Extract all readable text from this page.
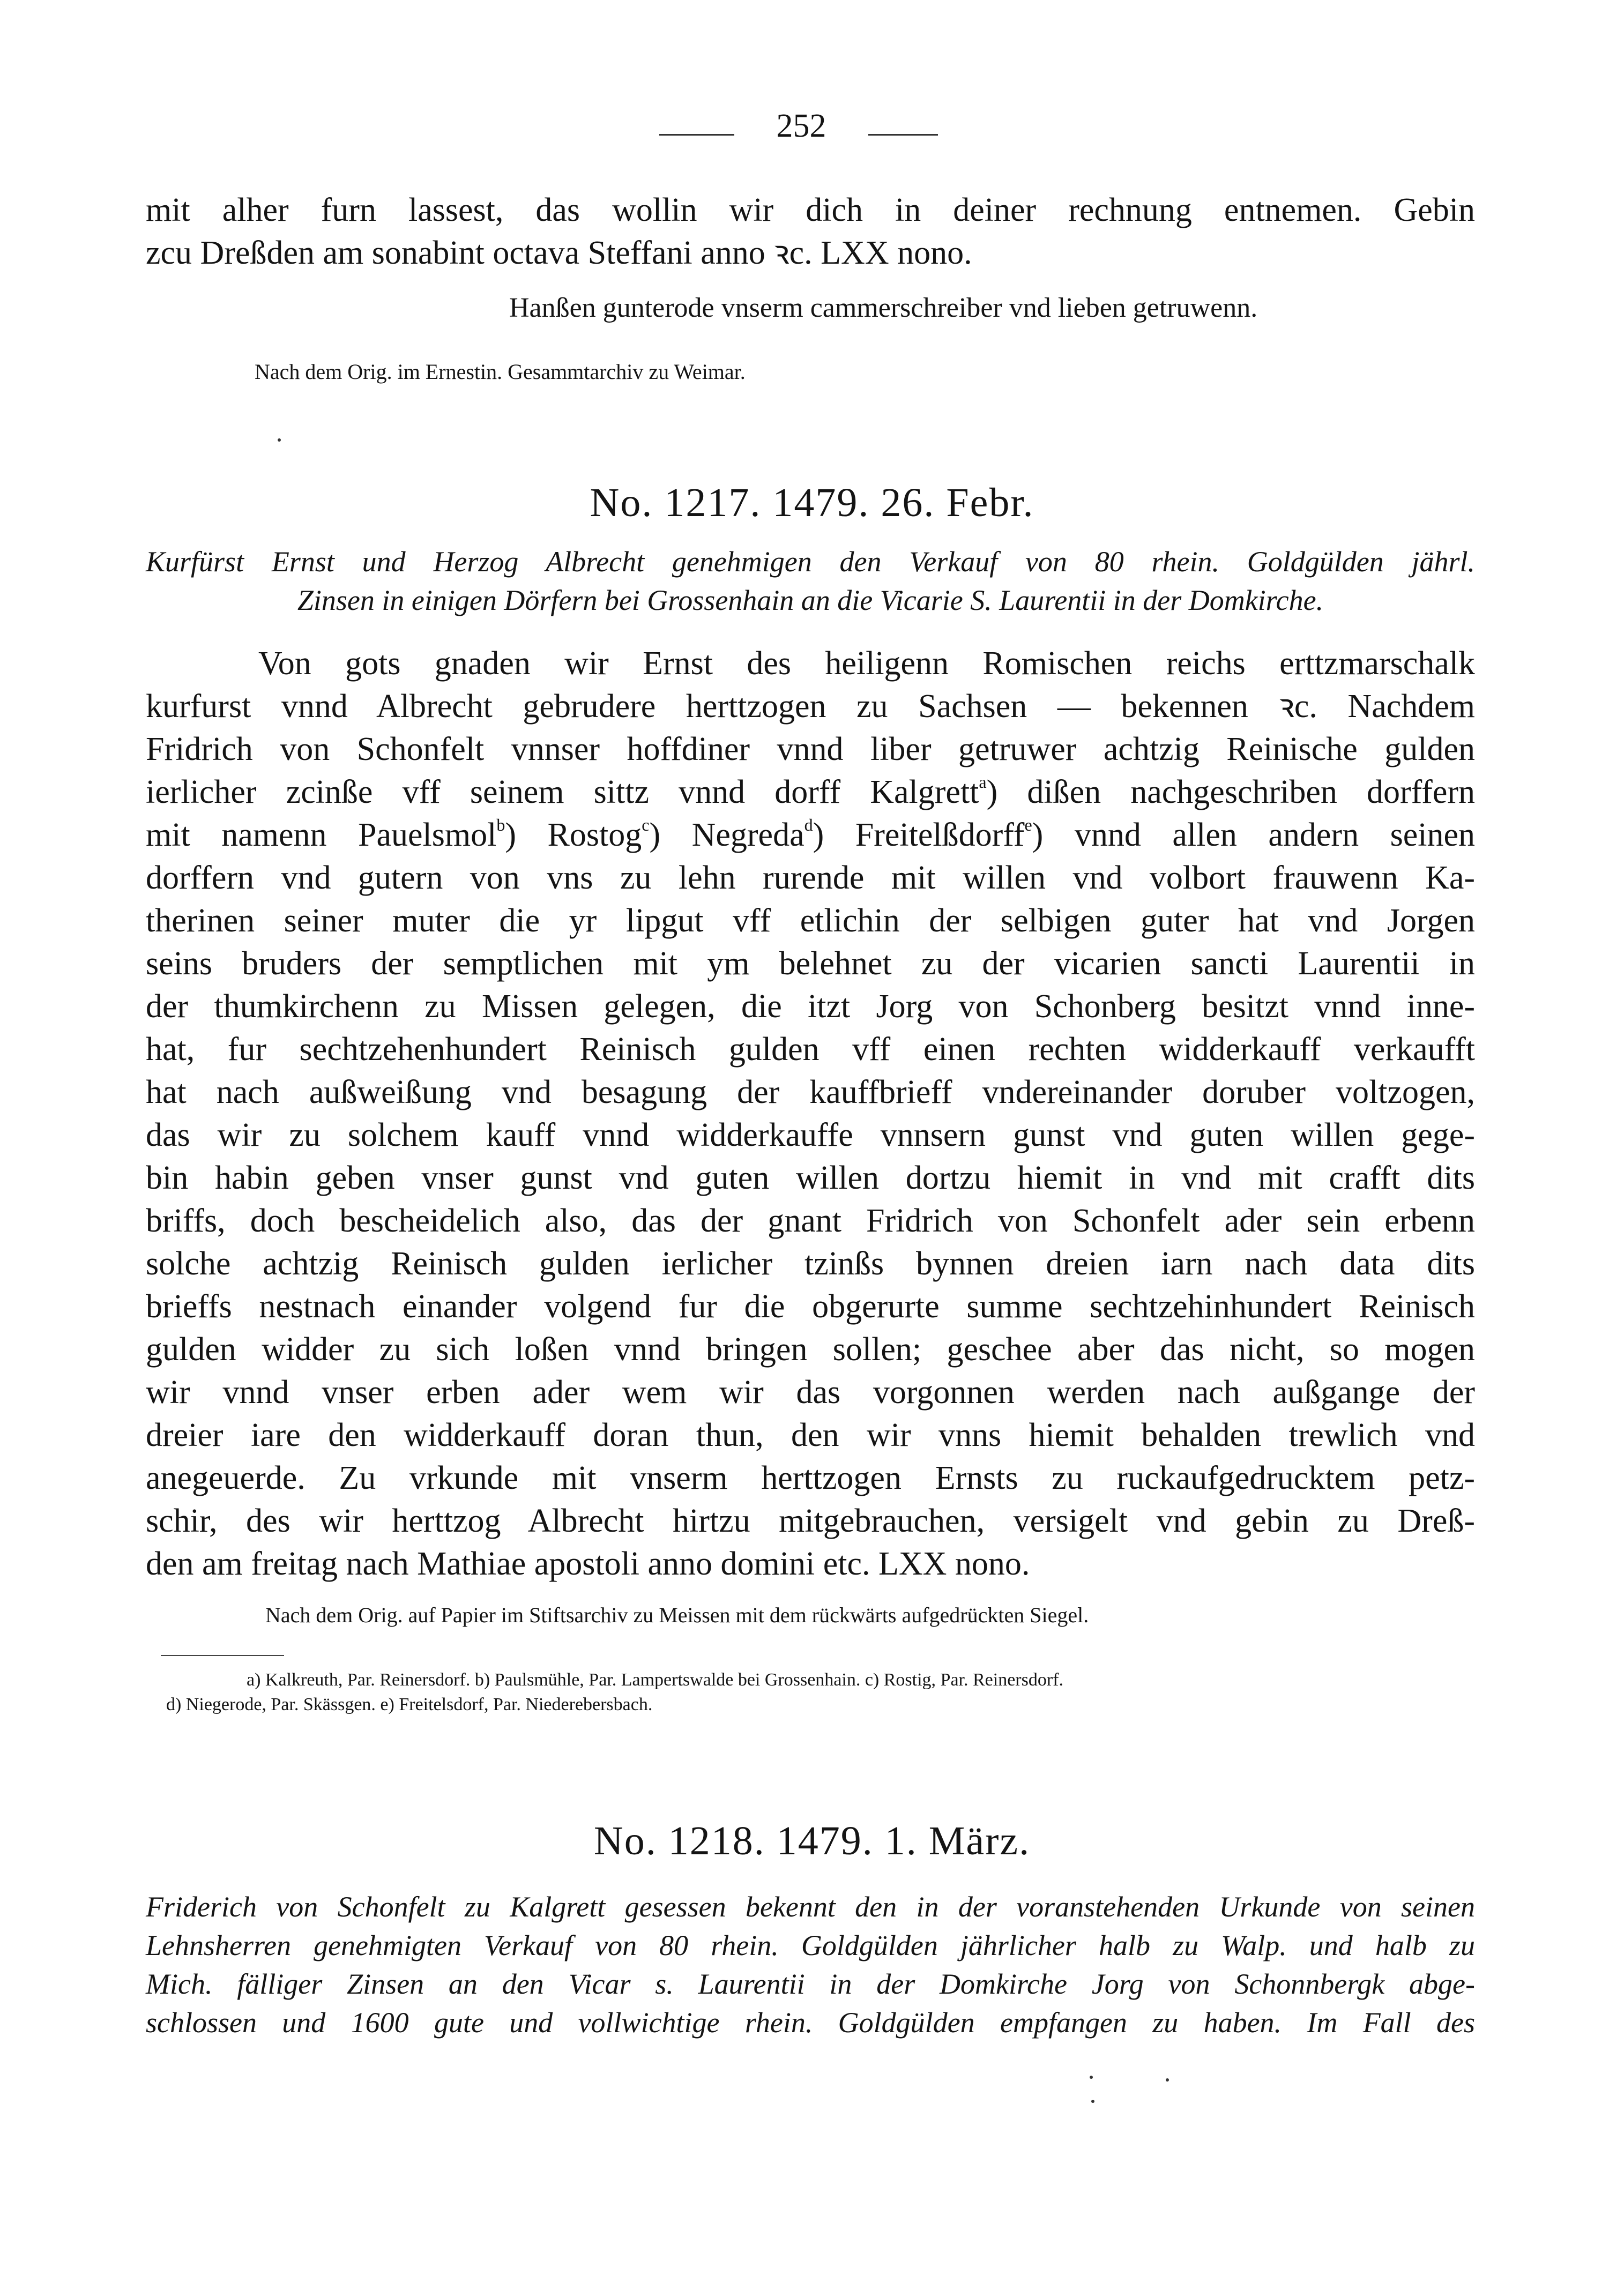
252
mit alher furn lassest, das wollin wir dich in deiner rechnung entnemen. Gebin
zcu Dreßden am sonabint octava Steffani anno ꝛc. LXX nono.
Hanßen gunterode vnserm cammerschreiber vnd lieben getruwenn.
Nach dem Orig. im Ernestin. Gesammtarchiv zu Weimar.
No. 1217. 1479. 26. Febr.
Kurfürst Ernst und Herzog Albrecht genehmigen den Verkauf von 80 rhein. Goldgülden jährl.
Zinsen in einigen Dörfern bei Grossenhain an die Vicarie S. Laurentii in der Domkirche.
Von gots gnaden wir Ernst des heiligenn Romischen reichs erttzmarschalk
kurfurst vnnd Albrecht gebrudere herttzogen zu Sachsen — bekennen ꝛc. Nachdem
Fridrich von Schonfelt vnnser hoffdiner vnnd liber getruwer achtzig Reinische gulden
ierlicher zcinße vff seinem sittz vnnd dorff Kalgrett$^a$) dißen nachgeschriben dorffern
mit namenn Pauelsmol$^b$) Rostog$^c$) Negreda$^d$) Freitelßdorff$^e$) vnnd allen andern seinen
dorffern vnd gutern von vns zu lehn rurende mit willen vnd volbort frauwenn Ka-
therinen seiner muter die yr lipgut vff etlichin der selbigen guter hat vnd Jorgen
seins bruders der semptlichen mit ym belehnet zu der vicarien sancti Laurentii in
der thumkirchenn zu Missen gelegen, die itzt Jorg von Schonberg besitzt vnnd inne-
hat, fur sechtzehenhundert Reinisch gulden vff einen rechten widderkauff verkaufft
hat nach außweißung vnd besagung der kauffbrieff vndereinander doruber voltzogen,
das wir zu solchem kauff vnnd widderkauffe vnnsern gunst vnd guten willen gege-
bin habin geben vnser gunst vnd guten willen dortzu hiemit in vnd mit crafft dits
briffs, doch bescheidelich also, das der gnant Fridrich von Schonfelt ader sein erbenn
solche achtzig Reinisch gulden ierlicher tzinßs bynnen dreien iarn nach data dits
brieffs nestnach einander volgend fur die obgerurte summe sechtzehinhundert Reinisch
gulden widder zu sich loßen vnnd bringen sollen; geschee aber das nicht, so mogen
wir vnnd vnser erben ader wem wir das vorgonnen werden nach außgange der
dreier iare den widderkauff doran thun, den wir vnns hiemit behalden trewlich vnd
anegeuerde. Zu vrkunde mit vnserm herttzogen Ernsts zu ruckaufgedrucktem petz-
schir, des wir herttzog Albrecht hirtzu mitgebrauchen, versigelt vnd gebin zu Dreß-
den am freitag nach Mathiae apostoli anno domini etc. LXX nono.
Nach dem Orig. auf Papier im Stiftsarchiv zu Meissen mit dem rückwärts aufgedrückten Siegel.
a) Kalkreuth, Par. Reinersdorf. b) Paulsmühle, Par. Lampertswalde bei Grossenhain. c) Rostig, Par. Reinersdorf.
d) Niegerode, Par. Skässgen. e) Freitelsdorf, Par. Niederebersbach.
No. 1218. 1479. 1. März.
Friderich von Schonfelt zu Kalgrett gesessen bekennt den in der voranstehenden Urkunde von seinen
Lehnsherren genehmigten Verkauf von 80 rhein. Goldgülden jährlicher halb zu Walp. und halb zu
Mich. fälliger Zinsen an den Vicar s. Laurentii in der Domkirche Jorg von Schonnbergk abge-
schlossen und 1600 gute und vollwichtige rhein. Goldgülden empfangen zu haben. Im Fall des
